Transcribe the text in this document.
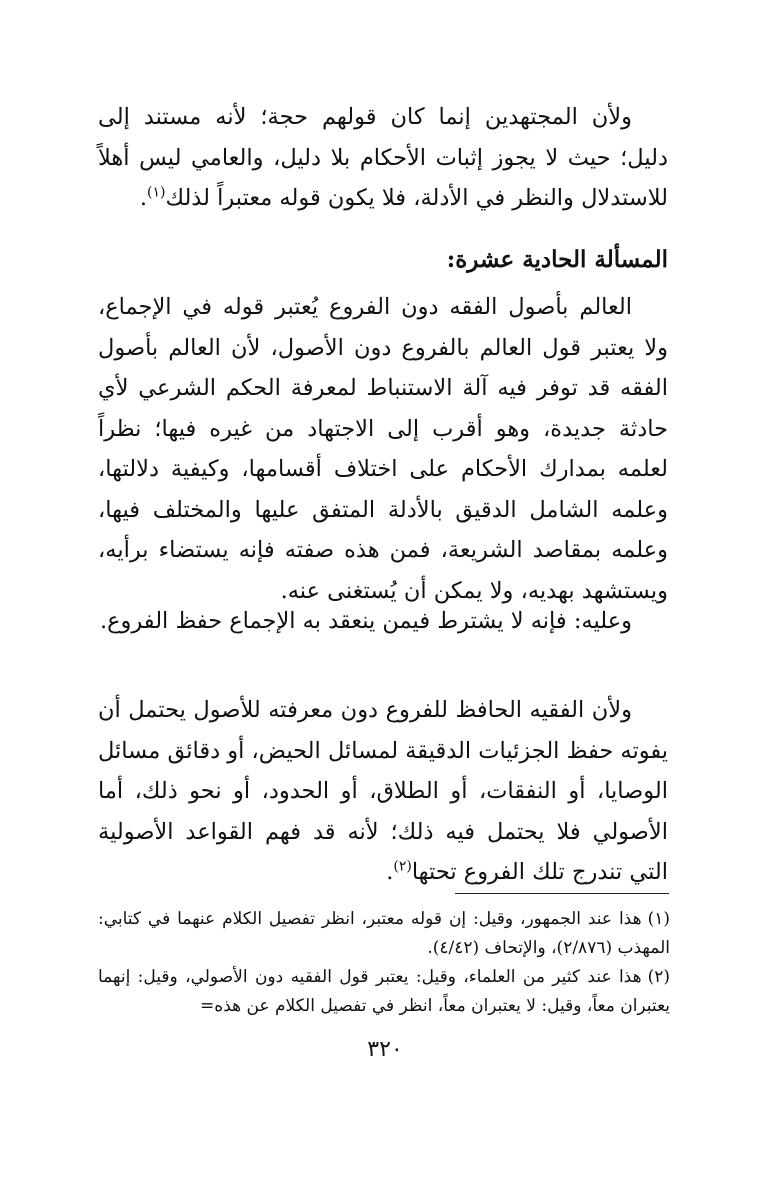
ولأن المجتهدين إنما كان قولهم حجة؛ لأنه مستند إلى دليل؛ حيث لا يجوز إثبات الأحكام بلا دليل، والعامي ليس أهلاً للاستدلال والنظر في الأدلة، فلا يكون قوله معتبراً لذلك$^{(١)}$.

المسألة الحادية عشرة:

العالم بأصول الفقه دون الفروع يُعتبر قوله في الإجماع، ولا يعتبر قول العالم بالفروع دون الأصول، لأن العالم بأصول الفقه قد توفر فيه آلة الاستنباط لمعرفة الحكم الشرعي لأي حادثة جديدة، وهو أقرب إلى الاجتهاد من غيره فيها؛ نظراً لعلمه بمدارك الأحكام على اختلاف أقسامها، وكيفية دلالتها، وعلمه الشامل الدقيق بالأدلة المتفق عليها والمختلف فيها، وعلمه بمقاصد الشريعة، فمن هذه صفته فإنه يستضاء برأيه، ويستشهد بهديه، ولا يمكن أن يُستغنى عنه.

وعليه: فإنه لا يشترط فيمن ينعقد به الإجماع حفظ الفروع.

ولأن الفقيه الحافظ للفروع دون معرفته للأصول يحتمل أن يفوته حفظ الجزئيات الدقيقة لمسائل الحيض، أو دقائق مسائل الوصايا، أو النفقات، أو الطلاق، أو الحدود، أو نحو ذلك، أما الأصولي فلا يحتمل فيه ذلك؛ لأنه قد فهم القواعد الأصولية التي تندرج تلك الفروع تحتها$^{(٢)}$.

(١)هذا عند الجمهور، وقيل: إن قوله معتبر، انظر تفصيل الكلام عنهما في كتابي: المهذب (٢/٨٧٦)، والإتحاف (٤/٤٢).

(٢)هذا عند كثير من العلماء، وقيل: يعتبر قول الفقيه دون الأصولي، وقيل: إنهما يعتبران معاً، وقيل: لا يعتبران معاً، انظر في تفصيل الكلام عن هذه=

٣٢٠
